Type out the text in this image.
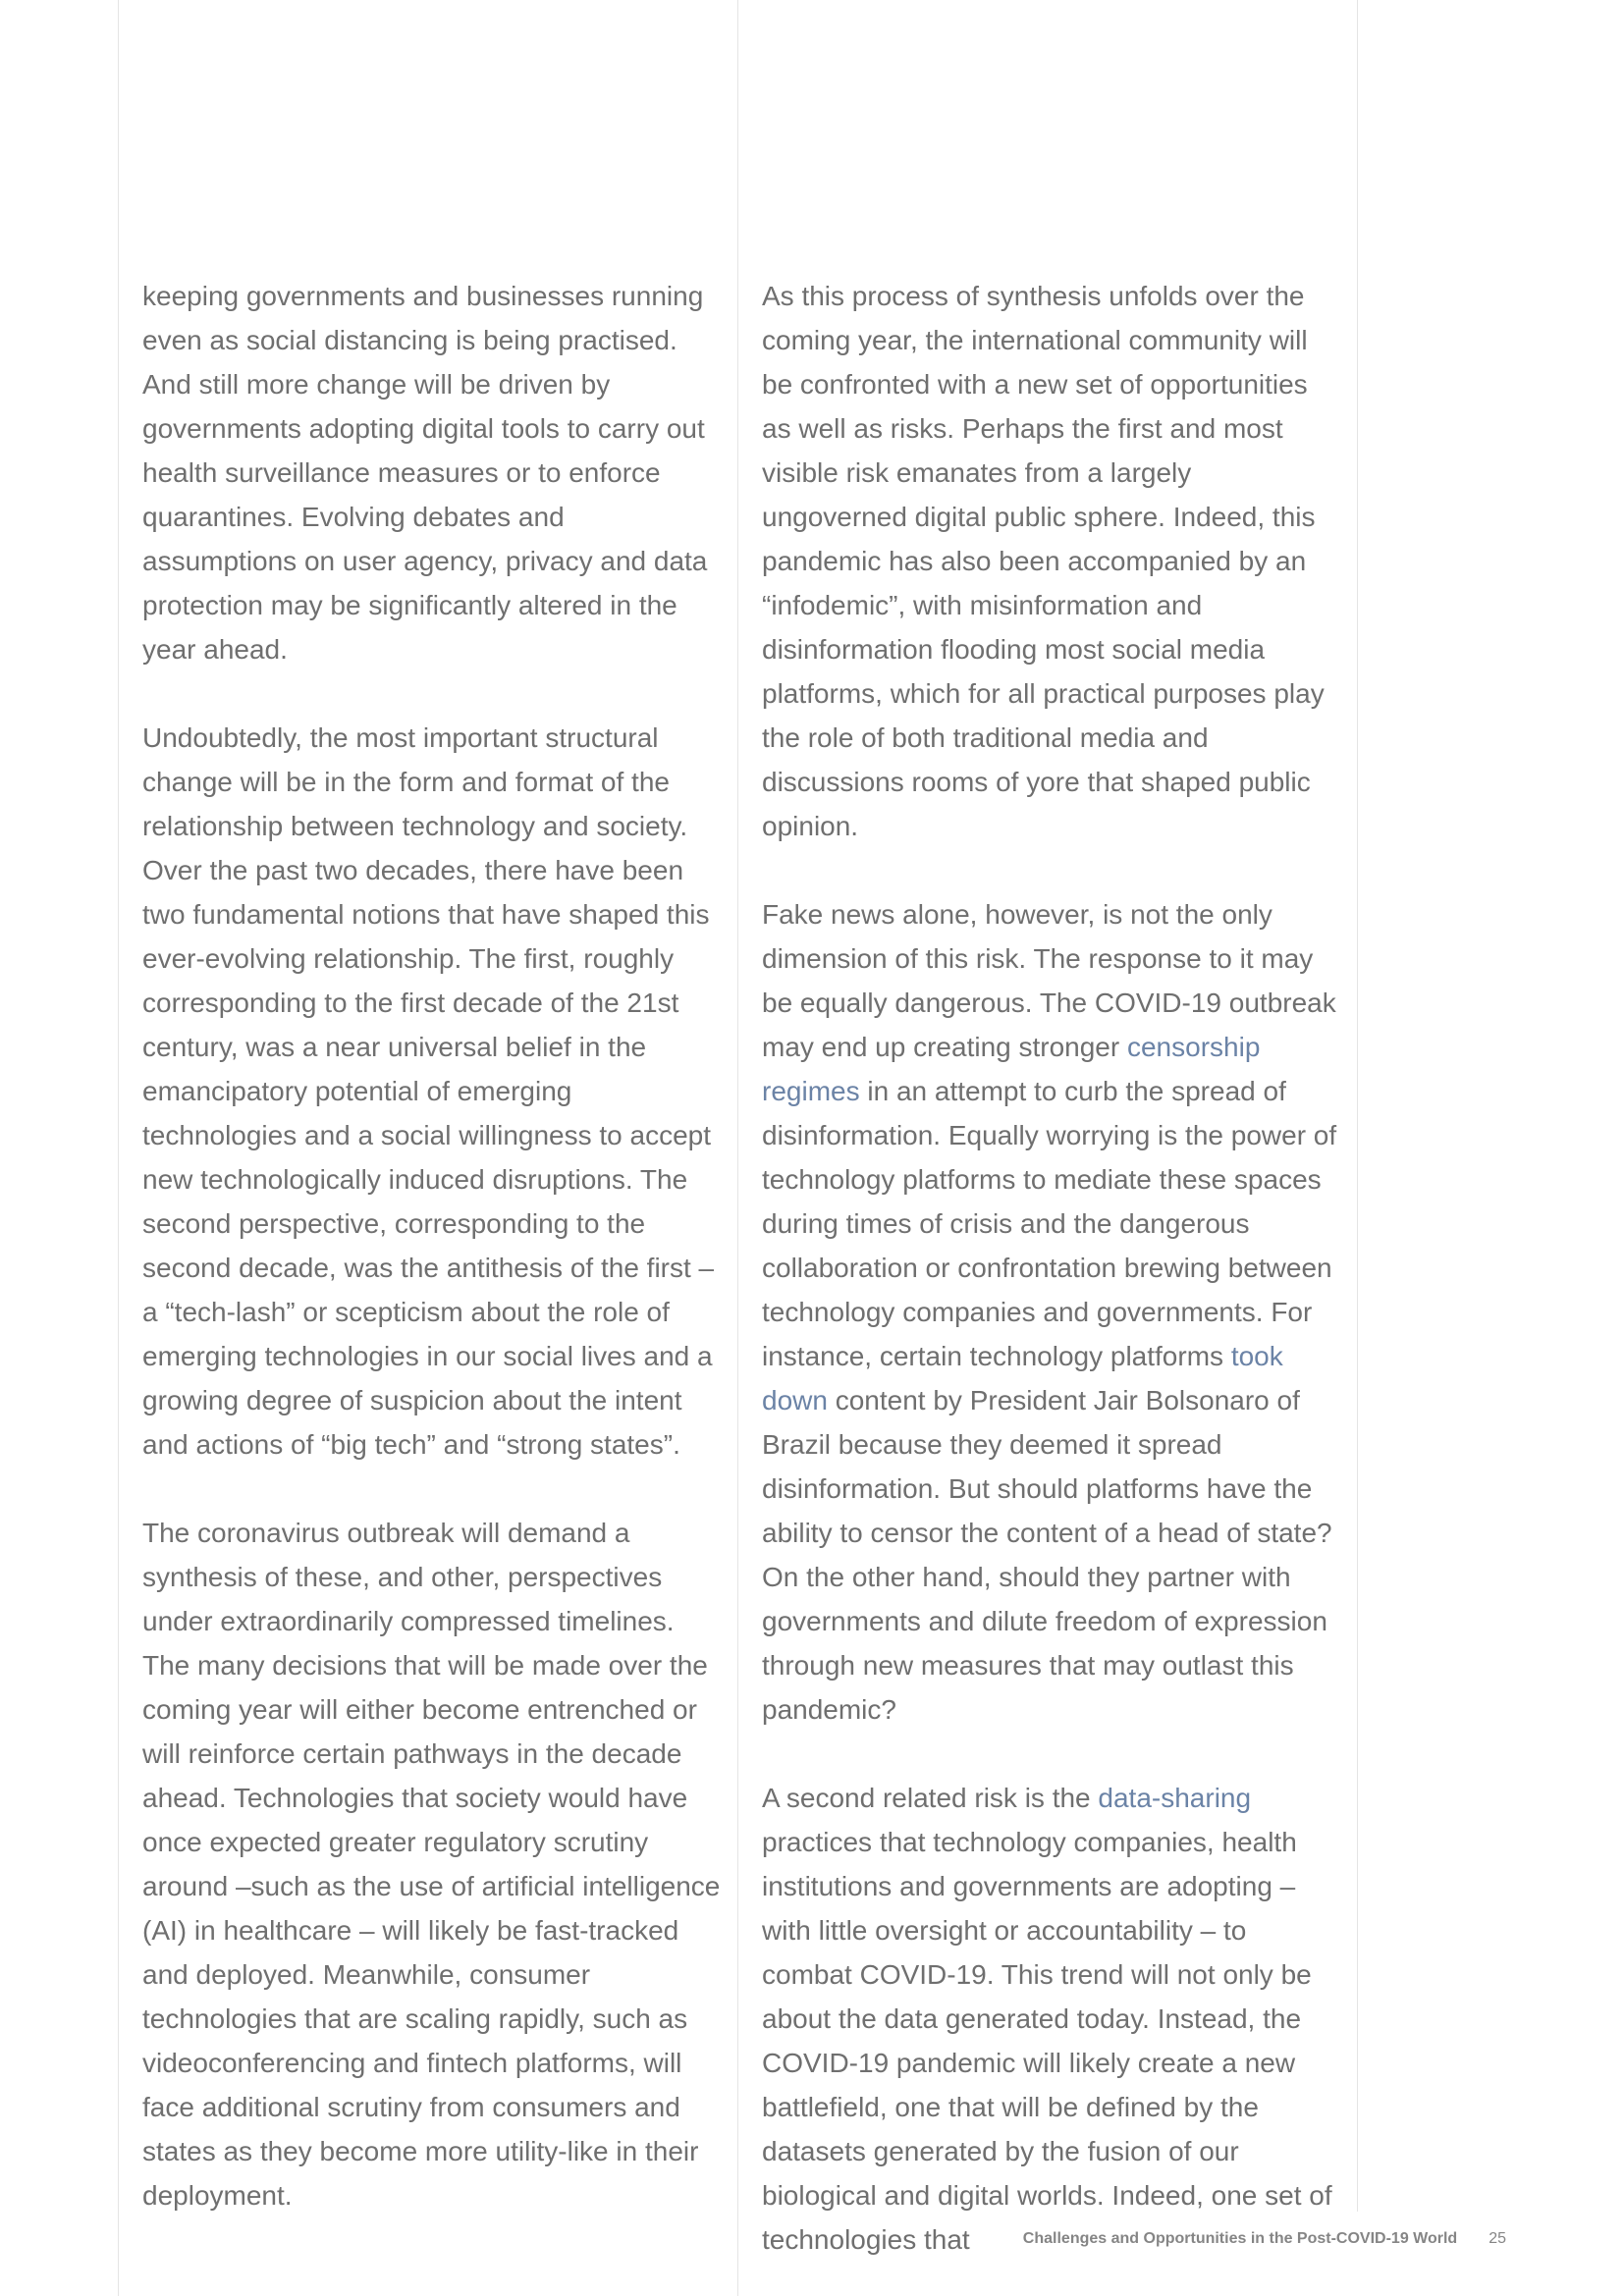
keeping governments and businesses running even as social distancing is being practised. And still more change will be driven by governments adopting digital tools to carry out health surveillance measures or to enforce quarantines. Evolving debates and assumptions on user agency, privacy and data protection may be significantly altered in the year ahead.

Undoubtedly, the most important structural change will be in the form and format of the relationship between technology and society. Over the past two decades, there have been two fundamental notions that have shaped this ever-evolving relationship. The first, roughly corresponding to the first decade of the 21st century, was a near universal belief in the emancipatory potential of emerging technologies and a social willingness to accept new technologically induced disruptions. The second perspective, corresponding to the second decade, was the antithesis of the first – a “tech-lash” or scepticism about the role of emerging technologies in our social lives and a growing degree of suspicion about the intent and actions of “big tech” and “strong states”.

The coronavirus outbreak will demand a synthesis of these, and other, perspectives under extraordinarily compressed timelines. The many decisions that will be made over the coming year will either become entrenched or will reinforce certain pathways in the decade ahead. Technologies that society would have once expected greater regulatory scrutiny around –such as the use of artificial intelligence (AI) in healthcare – will likely be fast-tracked and deployed. Meanwhile, consumer technologies that are scaling rapidly, such as videoconferencing and fintech platforms, will face additional scrutiny from consumers and states as they become more utility-like in their deployment.

As this process of synthesis unfolds over the coming year, the international community will be confronted with a new set of opportunities as well as risks. Perhaps the first and most visible risk emanates from a largely ungoverned digital public sphere. Indeed, this pandemic has also been accompanied by an “infodemic”, with misinformation and disinformation flooding most social media platforms, which for all practical purposes play the role of both traditional media and discussions rooms of yore that shaped public opinion.

Fake news alone, however, is not the only dimension of this risk. The response to it may be equally dangerous. The COVID-19 outbreak may end up creating stronger censorship regimes in an attempt to curb the spread of disinformation. Equally worrying is the power of technology platforms to mediate these spaces during times of crisis and the dangerous collaboration or confrontation brewing between technology companies and governments. For instance, certain technology platforms took down content by President Jair Bolsonaro of Brazil because they deemed it spread disinformation. But should platforms have the ability to censor the content of a head of state? On the other hand, should they partner with governments and dilute freedom of expression through new measures that may outlast this pandemic?

A second related risk is the data-sharing practices that technology companies, health institutions and governments are adopting – with little oversight or accountability – to combat COVID-19. This trend will not only be about the data generated today. Instead, the COVID-19 pandemic will likely create a new battlefield, one that will be defined by the datasets generated by the fusion of our biological and digital worlds. Indeed, one set of technologies that	Challenges and Opportunities in the Post-COVID-19 World 25
